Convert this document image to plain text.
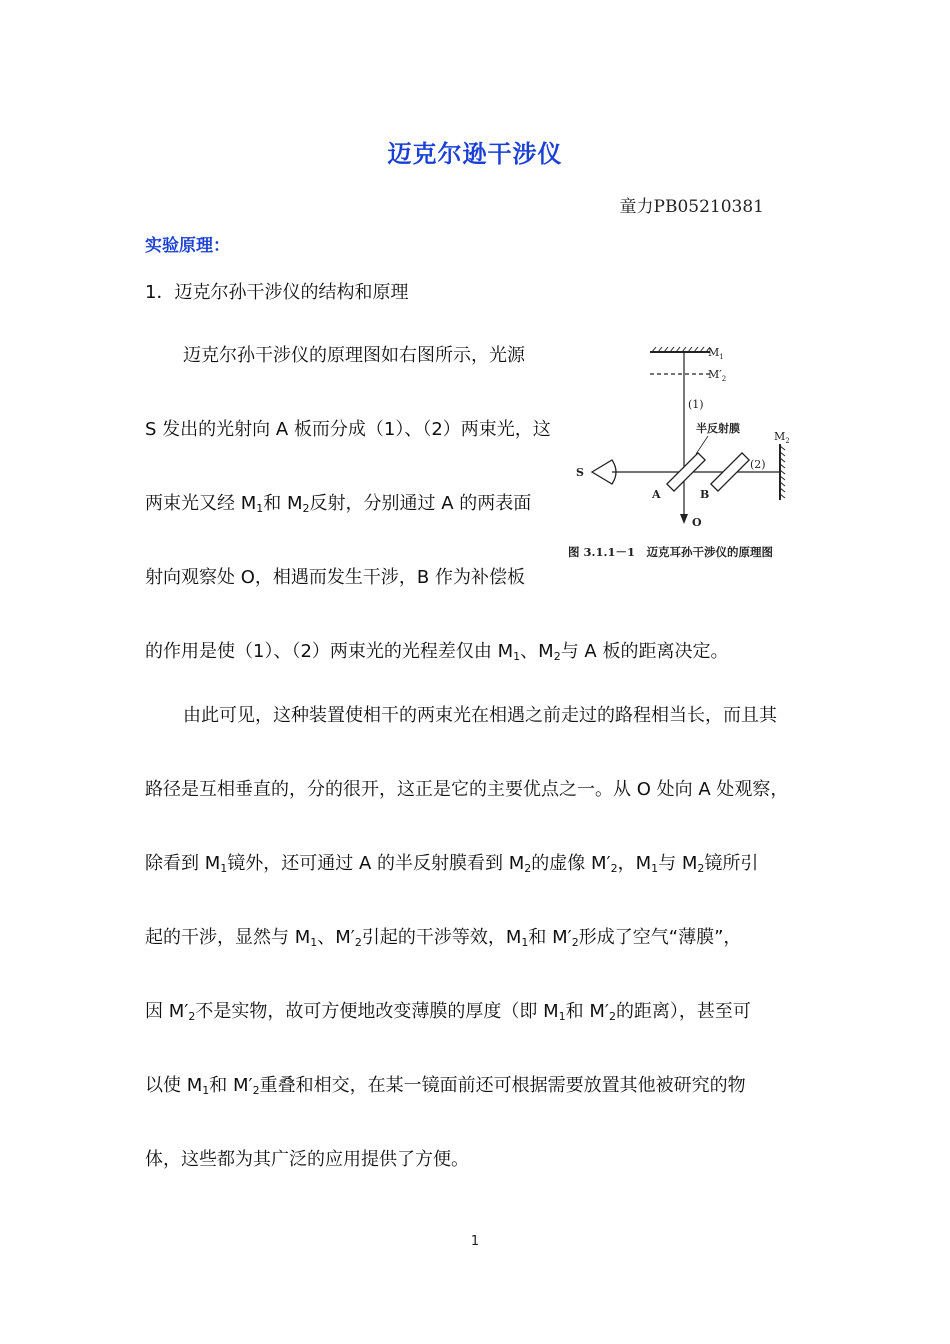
迈克尔逊干涉仪
童力PB05210381
实验原理：
1．迈克尔孙干涉仪的结构和原理
迈克尔孙干涉仪的原理图如右图所示，光源
S 发出的光射向 A 板而分成（1）、（2）两束光，这
两束光又经 $M_1$和 $M_2$反射，分别通过 A 的两表面
射向观察处 O，相遇而发生干涉，B 作为补偿板
的作用是使（1）、（2）两束光的光程差仅由 $M_1$、$M_2$与 A 板的距离决定。
由此可见，这种装置使相干的两束光在相遇之前走过的路程相当长，而且其
路径是互相垂直的，分的很开，这正是它的主要优点之一。从 O 处向 A 处观察，
除看到 $M_1$镜外，还可通过 A 的半反射膜看到 $M_2$的虚像 $M'_2$，$M_1$与 $M_2$镜所引
起的干涉，显然与 $M_1$、$M'_2$引起的干涉等效，$M_1$和 $M'_2$形成了空气“薄膜”，
因 $M'_2$不是实物，故可方便地改变薄膜的厚度（即 $M_1$和 $M'_2$的距离），甚至可
以使 $M_1$和 $M'_2$重叠和相交，在某一镜面前还可根据需要放置其他被研究的物
体，这些都为其广泛的应用提供了方便。
$M_1$
$M'_2$
(1)
O
半反射膜
S
A	B
(2)
$M_2$
图 3.1.1－1　迈克耳孙干涉仪的原理图
1
